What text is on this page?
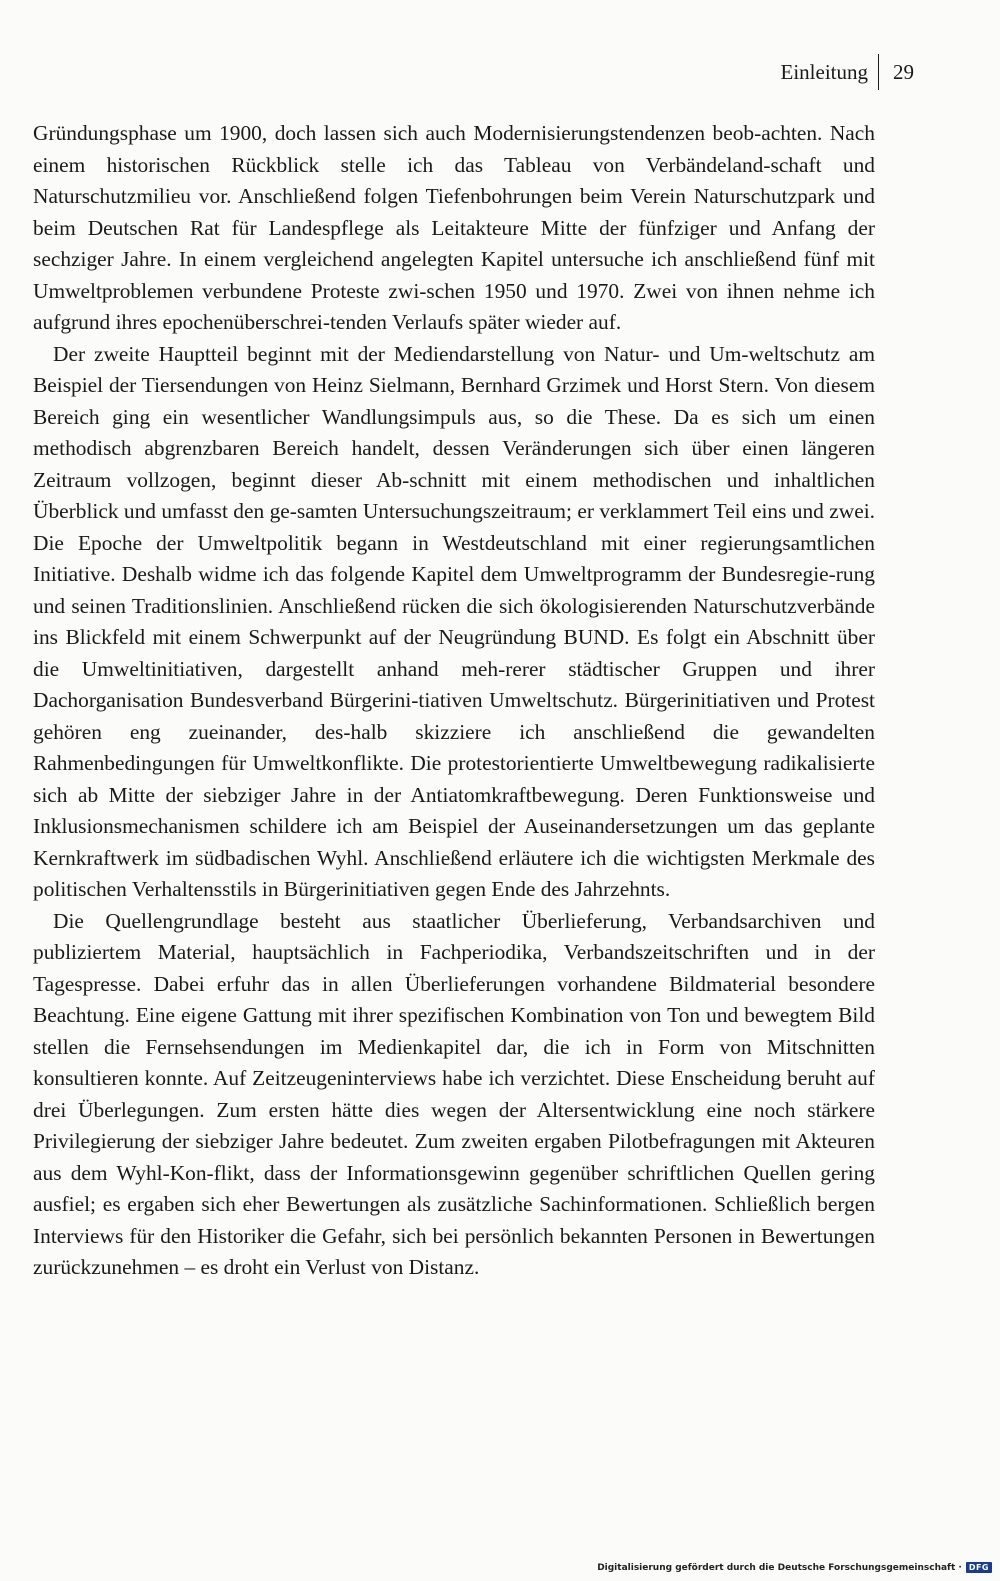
Einleitung	29

Gründungsphase um 1900, doch lassen sich auch Modernisierungstendenzen beob-achten. Nach einem historischen Rückblick stelle ich das Tableau von Verbändeland-schaft und Naturschutzmilieu vor. Anschließend folgen Tiefenbohrungen beim Verein Naturschutzpark und beim Deutschen Rat für Landespflege als Leitakteure Mitte der fünfziger und Anfang der sechziger Jahre. In einem vergleichend angelegten Kapitel untersuche ich anschließend fünf mit Umweltproblemen verbundene Proteste zwi-schen 1950 und 1970. Zwei von ihnen nehme ich aufgrund ihres epochenüberschrei-tenden Verlaufs später wieder auf.

Der zweite Hauptteil beginnt mit der Mediendarstellung von Natur- und Um-weltschutz am Beispiel der Tiersendungen von Heinz Sielmann, Bernhard Grzimek und Horst Stern. Von diesem Bereich ging ein wesentlicher Wandlungsimpuls aus, so die These. Da es sich um einen methodisch abgrenzbaren Bereich handelt, dessen Veränderungen sich über einen längeren Zeitraum vollzogen, beginnt dieser Ab-schnitt mit einem methodischen und inhaltlichen Überblick und umfasst den ge-samten Untersuchungszeitraum; er verklammert Teil eins und zwei. Die Epoche der Umweltpolitik begann in Westdeutschland mit einer regierungsamtlichen Initiative. Deshalb widme ich das folgende Kapitel dem Umweltprogramm der Bundesregie-rung und seinen Traditionslinien. Anschließend rücken die sich ökologisierenden Naturschutzverbände ins Blickfeld mit einem Schwerpunkt auf der Neugründung BUND. Es folgt ein Abschnitt über die Umweltinitiativen, dargestellt anhand meh-rerer städtischer Gruppen und ihrer Dachorganisation Bundesverband Bürgerini-tiativen Umweltschutz. Bürgerinitiativen und Protest gehören eng zueinander, des-halb skizziere ich anschließend die gewandelten Rahmenbedingungen für Umweltkonflikte. Die protestorientierte Umweltbewegung radikalisierte sich ab Mitte der siebziger Jahre in der Antiatomkraftbewegung. Deren Funktionsweise und Inklusionsmechanismen schildere ich am Beispiel der Auseinandersetzungen um das geplante Kernkraftwerk im südbadischen Wyhl. Anschließend erläutere ich die wichtigsten Merkmale des politischen Verhaltensstils in Bürgerinitiativen gegen Ende des Jahrzehnts.

Die Quellengrundlage besteht aus staatlicher Überlieferung, Verbandsarchiven und publiziertem Material, hauptsächlich in Fachperiodika, Verbandszeitschriften und in der Tagespresse. Dabei erfuhr das in allen Überlieferungen vorhandene Bildmaterial besondere Beachtung. Eine eigene Gattung mit ihrer spezifischen Kombination von Ton und bewegtem Bild stellen die Fernsehsendungen im Medienkapitel dar, die ich in Form von Mitschnitten konsultieren konnte. Auf Zeitzeugeninterviews habe ich verzichtet. Diese Enscheidung beruht auf drei Überlegungen. Zum ersten hätte dies wegen der Altersentwicklung eine noch stärkere Privilegierung der siebziger Jahre bedeutet. Zum zweiten ergaben Pilotbefragungen mit Akteuren aus dem Wyhl-Kon-flikt, dass der Informationsgewinn gegenüber schriftlichen Quellen gering ausfiel; es ergaben sich eher Bewertungen als zusätzliche Sachinformationen. Schließlich bergen Interviews für den Historiker die Gefahr, sich bei persönlich bekannten Personen in Bewertungen zurückzunehmen – es droht ein Verlust von Distanz.

Digitalisierung gefördert durch die Deutsche Forschungsgemeinschaft · DFG
